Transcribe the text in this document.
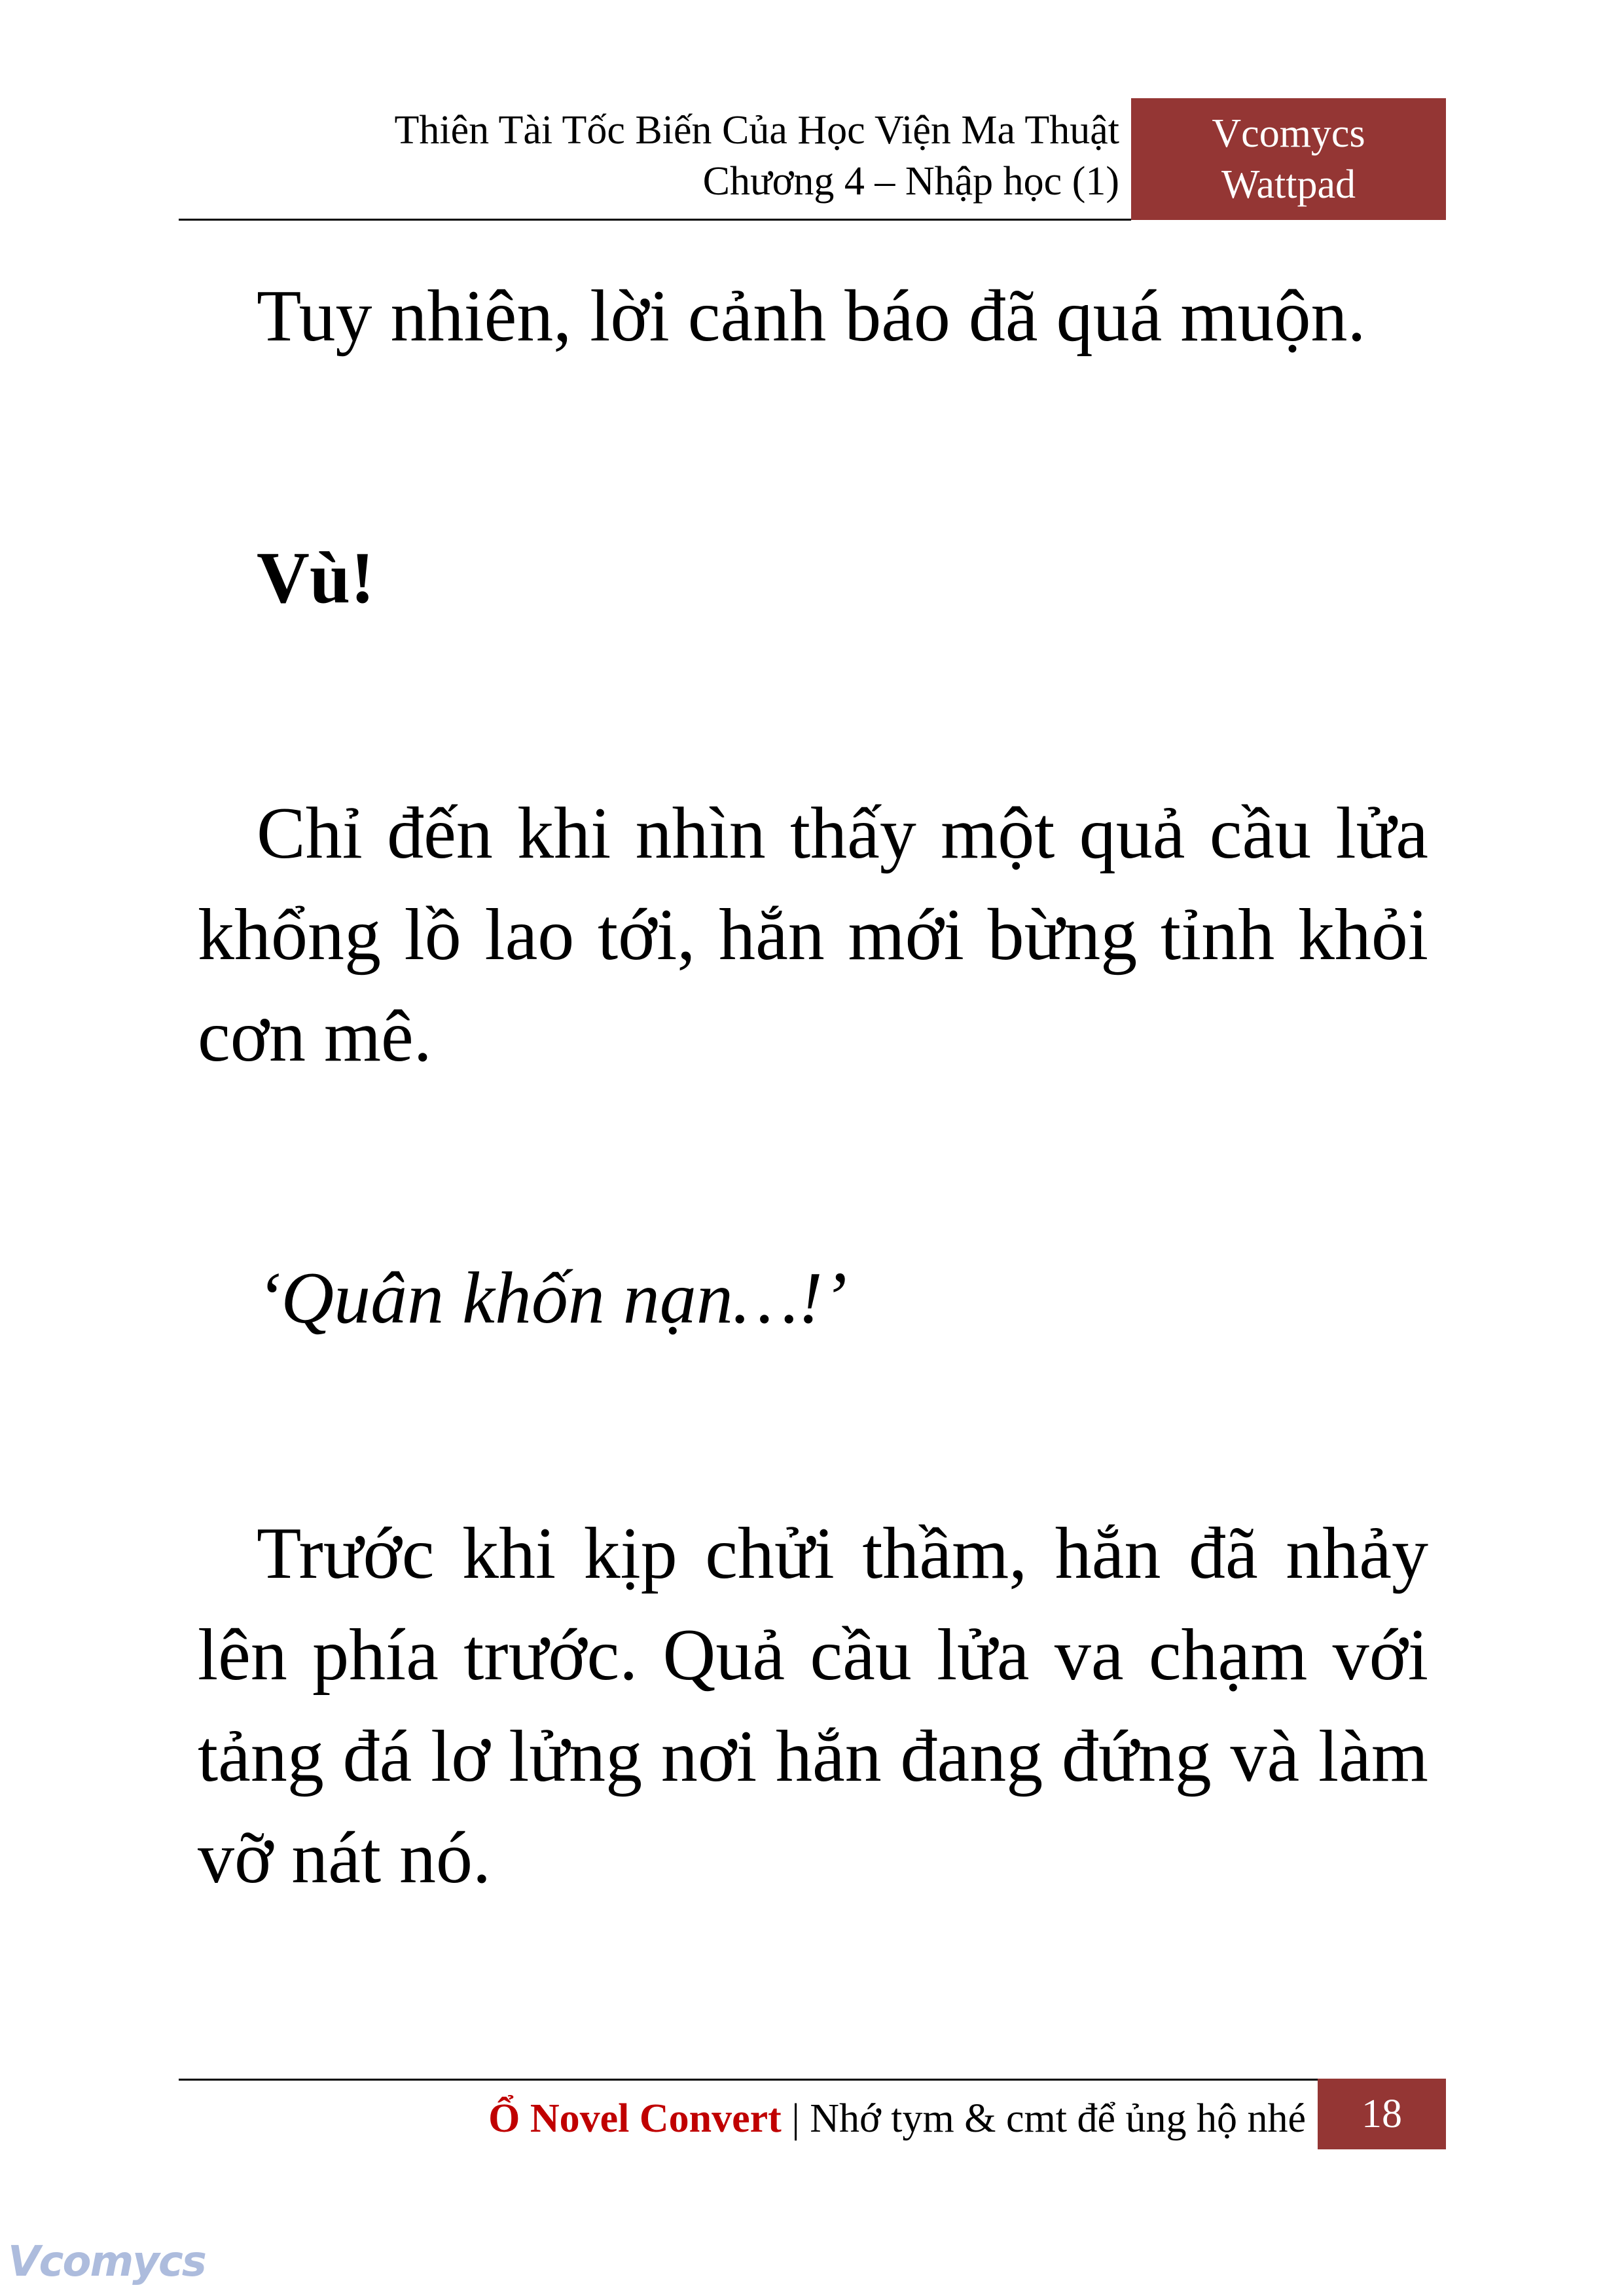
Thiên Tài Tốc Biến Của Học Viện Ma Thuật
Chương 4 – Nhập học (1)
Vcomycs
Wattpad
Tuy nhiên, lời cảnh báo đã quá muộn.
Vù!
Chỉ đến khi nhìn thấy một quả cầu lửa khổng lồ lao tới, hắn mới bừng tỉnh khỏi cơn mê.
‘Quân khốn nạn…!’
Trước khi kịp chửi thầm, hắn đã nhảy lên phía trước. Quả cầu lửa va chạm với tảng đá lơ lửng nơi hắn đang đứng và làm vỡ nát nó.
Ổ Novel Convert | Nhớ tym & cmt để ủng hộ nhé	18
Vcomycs
